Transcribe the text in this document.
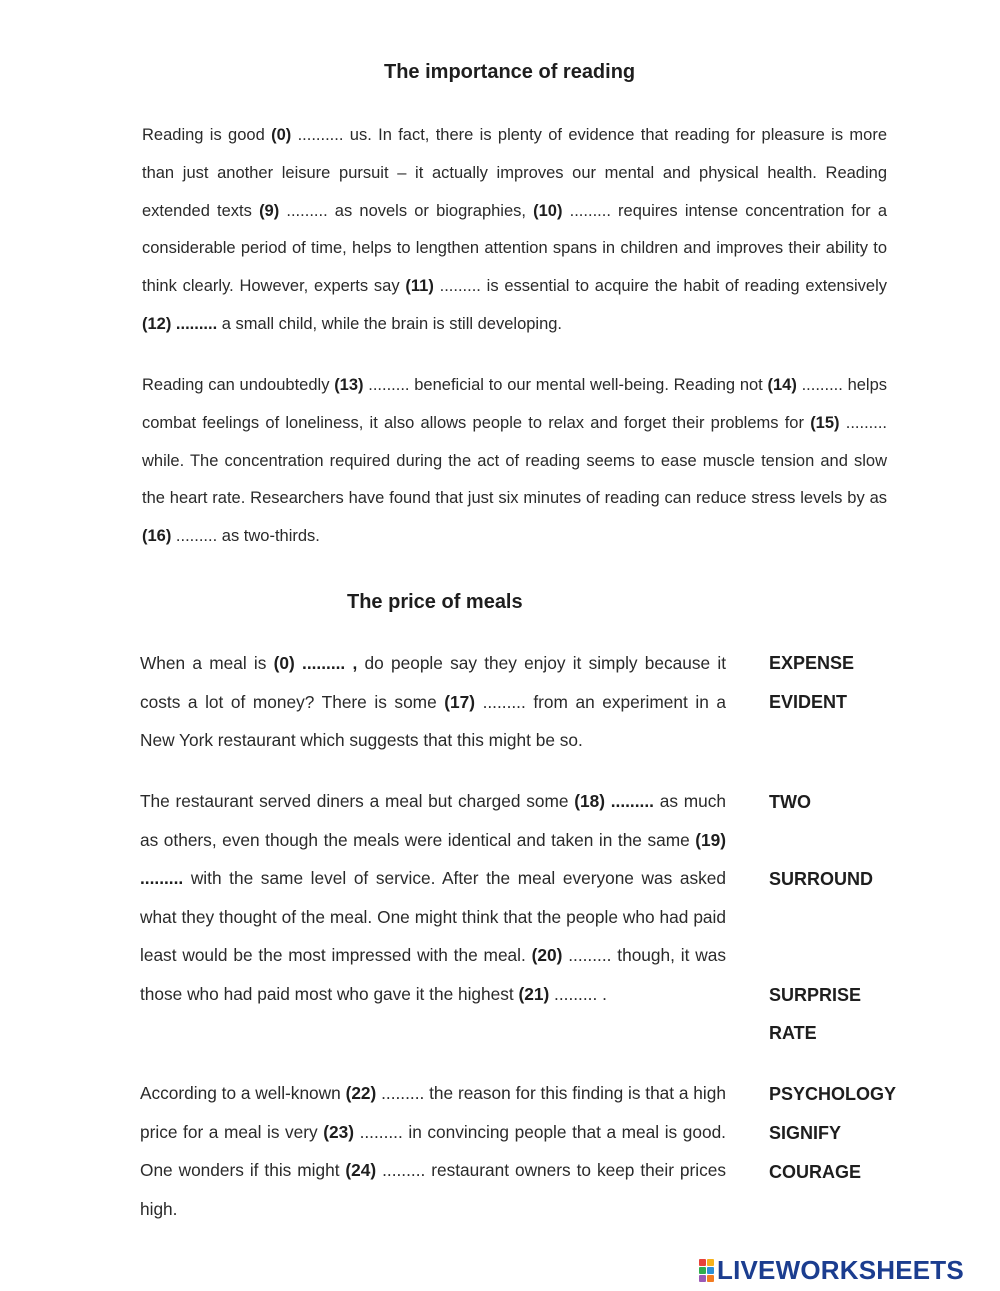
The importance of reading

Reading is good (0) .......... us. In fact, there is plenty of evidence that reading for pleasure is more than just another leisure pursuit – it actually improves our mental and physical health. Reading extended texts (9) ......... as novels or biographies, (10) ......... requires intense concentration for a considerable period of time, helps to lengthen attention spans in children and improves their ability to think clearly. However, experts say (11) ......... is essential to acquire the habit of reading extensively (12) ......... a small child, while the brain is still developing.

Reading can undoubtedly (13) ......... beneficial to our mental well-being. Reading not (14) ......... helps combat feelings of loneliness, it also allows people to relax and forget their problems for (15) ......... while. The concentration required during the act of reading seems to ease muscle tension and slow the heart rate. Researchers have found that just six minutes of reading can reduce stress levels by as (16) ......... as two-thirds.

The price of meals

When a meal is (0) ......... , do people say they enjoy it simply because it costs a lot of money? There is some (17) ......... from an experiment in a New York restaurant which suggests that this might be so.

The restaurant served diners a meal but charged some (18) ......... as much as others, even though the meals were identical and taken in the same (19) ......... with the same level of service. After the meal everyone was asked what they thought of the meal. One might think that the people who had paid least would be the most impressed with the meal. (20) ......... though, it was those who had paid most who gave it the highest (21) ......... .

According to a well-known (22) ......... the reason for this finding is that a high price for a meal is very (23) ......... in convincing people that a meal is good. One wonders if this might (24) ......... restaurant owners to keep their prices high.

EXPENSE

EVIDENT

TWO

SURROUND

SURPRISE

RATE

PSYCHOLOGY

SIGNIFY

COURAGE

LIVEWORKSHEETS
